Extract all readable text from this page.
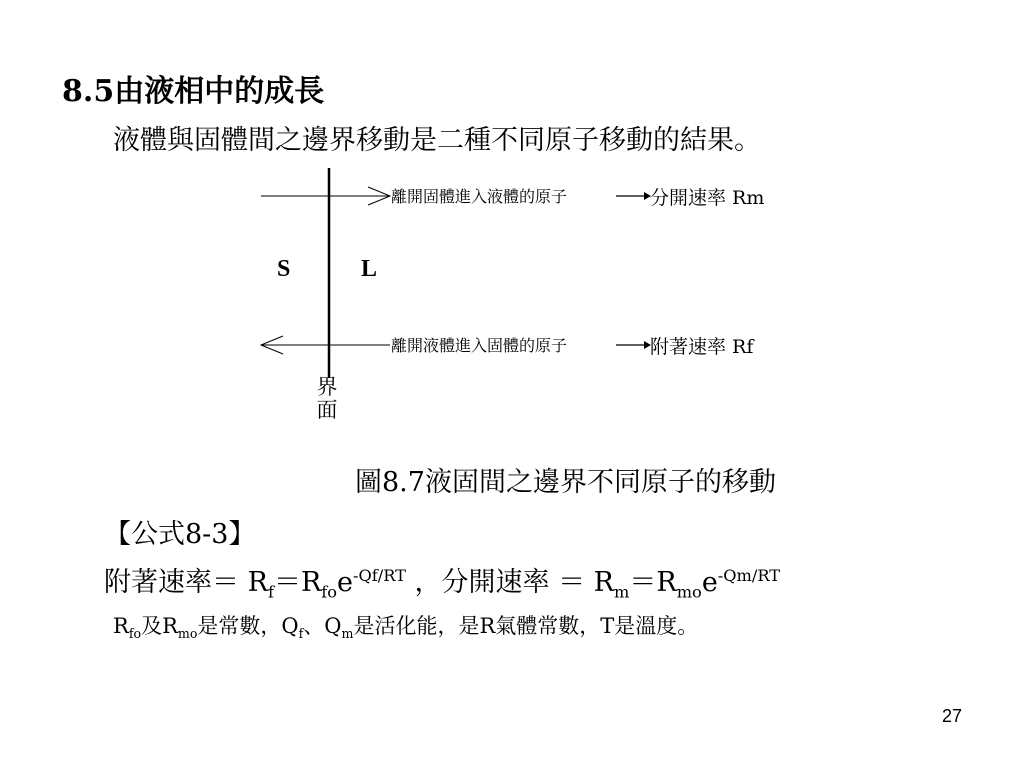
8.5由液相中的成長
液體與固體間之邊界移動是二種不同原子移動的結果。
離開固體進入液體的原子	分開速率 Rm
S	L
離開液體進入固體的原子	附著速率 Rf
界面
圖8.7液固間之邊界不同原子的移動
【公式8-3】
附著速率＝ $R_f=R_{fo}e^{-Qf/RT}$ ，分開速率 ＝ $R_m=R_{mo}e^{-Qm/RT}$
$R_{fo}$及$R_{mo}$是常數，$Q_f$、$Q_m$是活化能，是R氣體常數，T是溫度。
27
